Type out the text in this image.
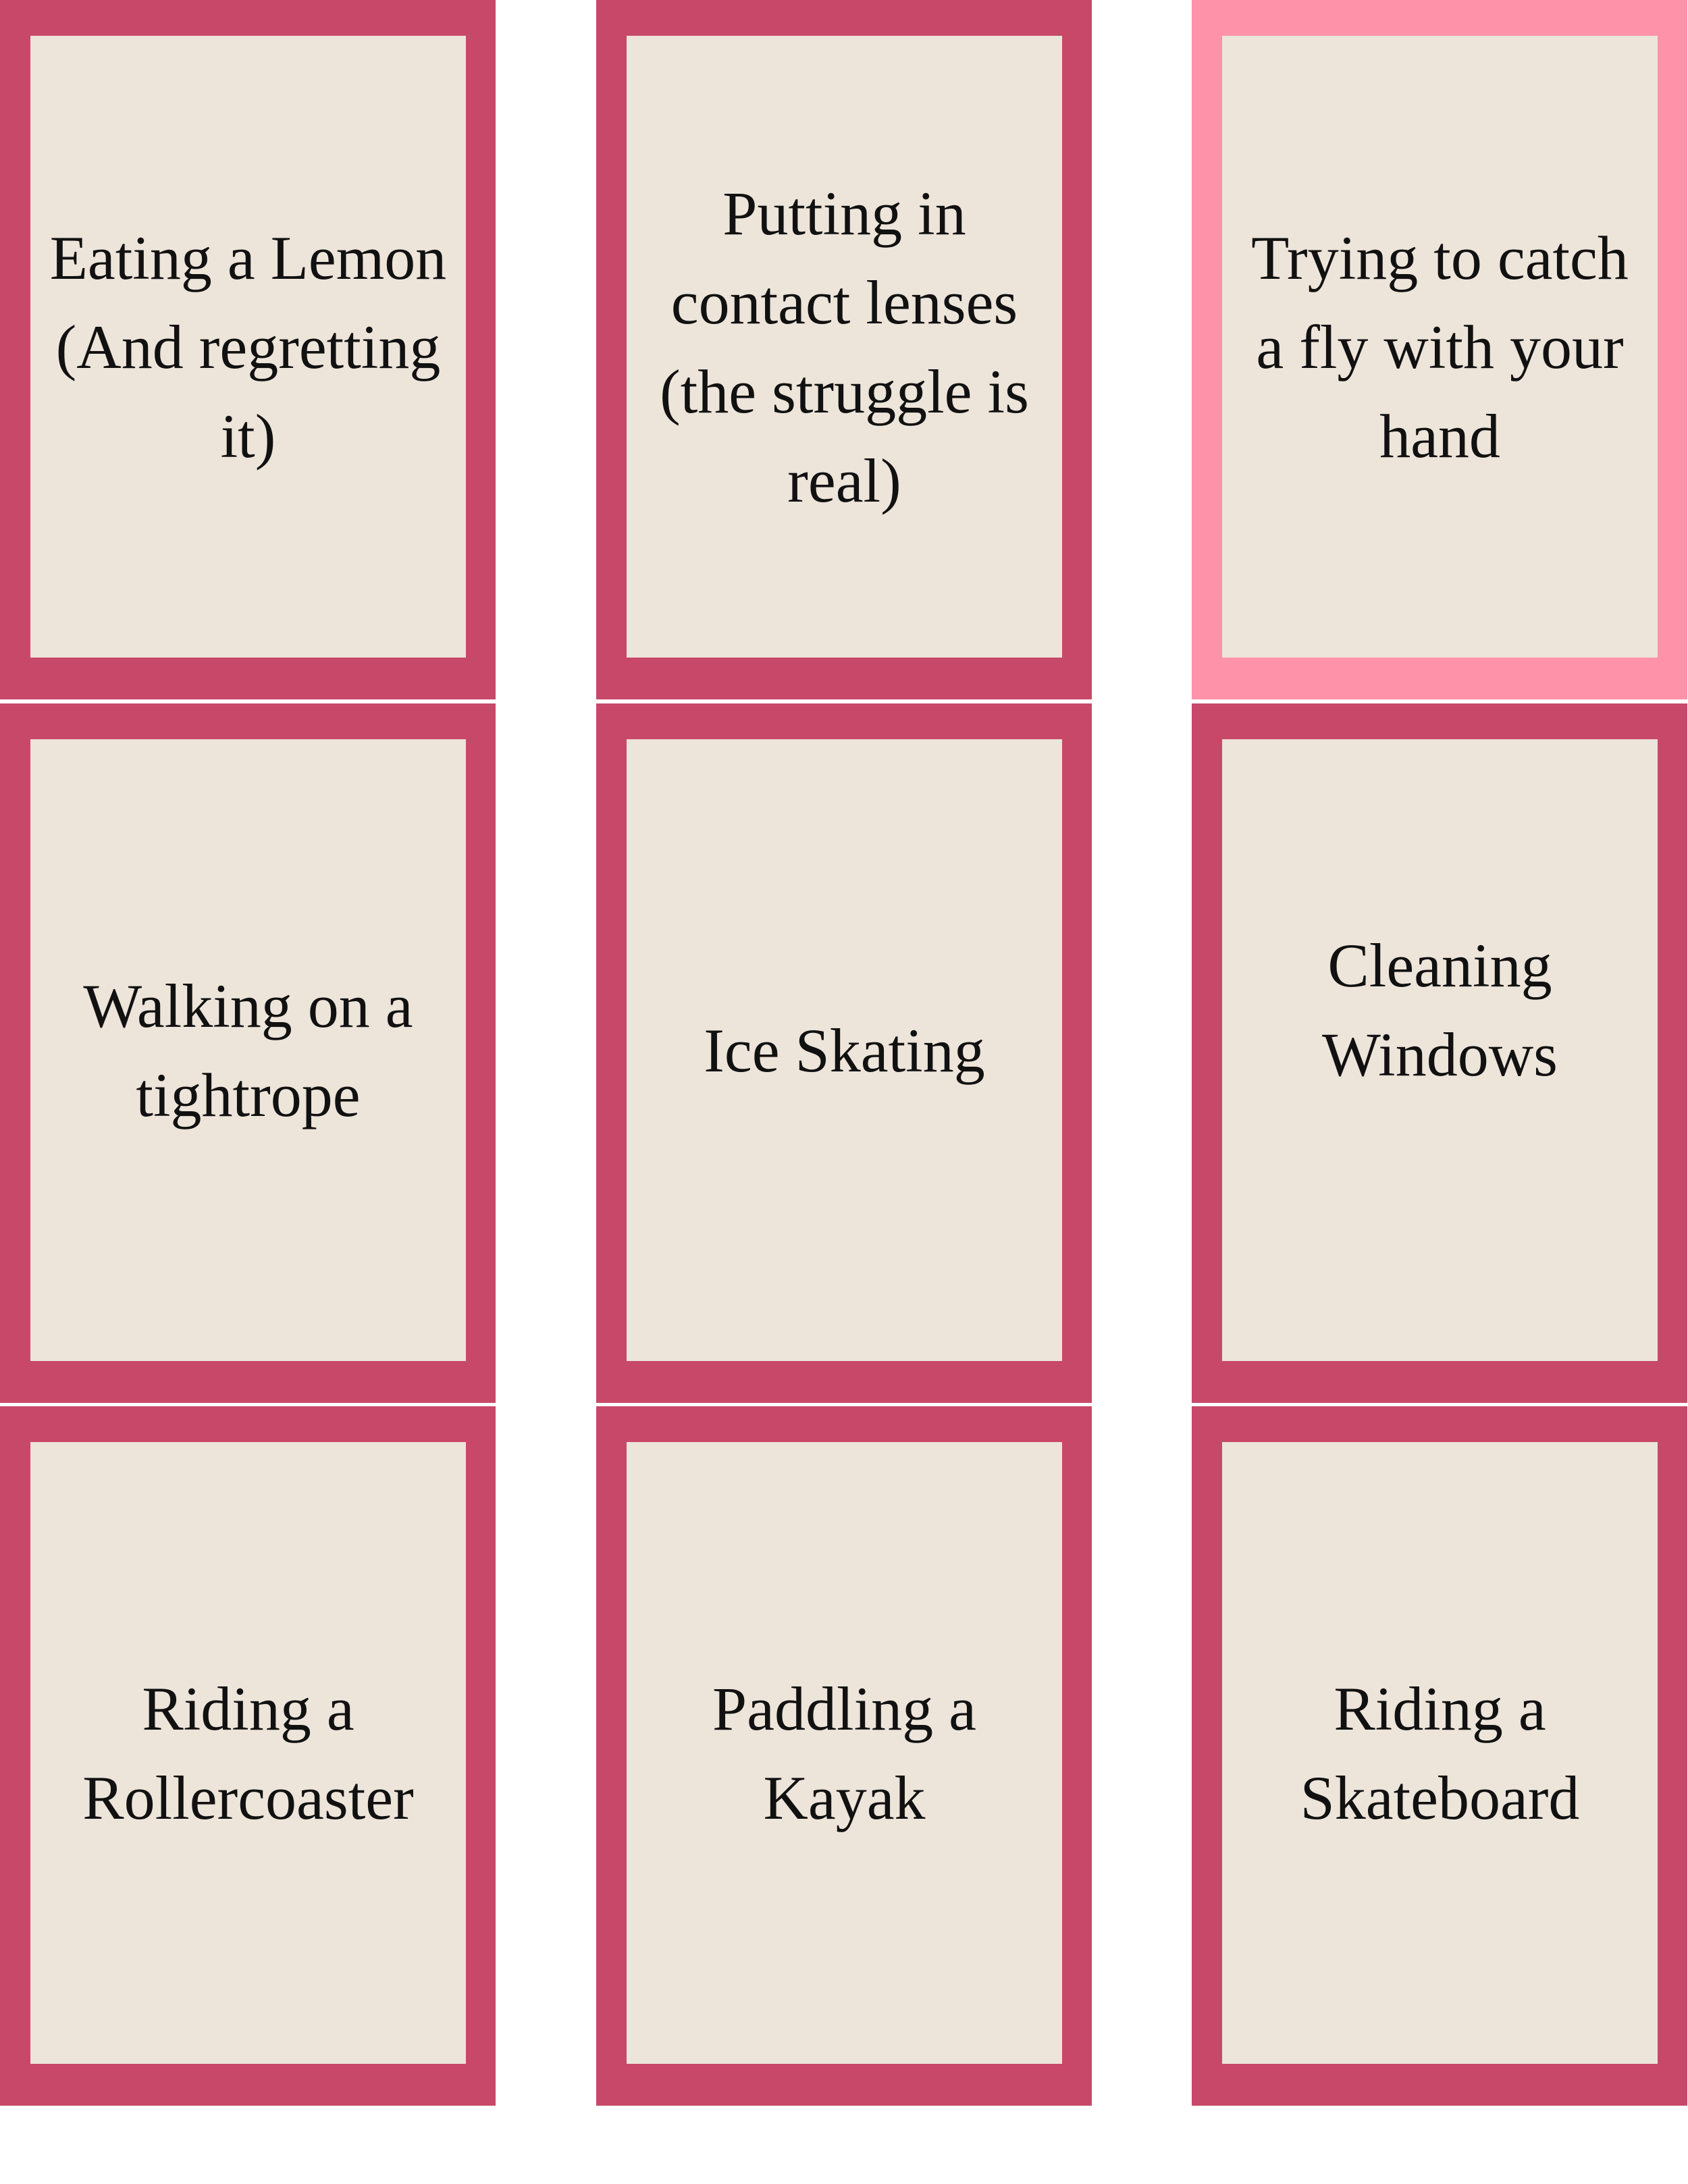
Eating a Lemon (And regretting it)
Putting in contact lenses (the struggle is real)
Trying to catch a fly with your hand
Walking on a tightrope
Ice Skating
Cleaning Windows
Riding a Rollercoaster
Paddling a Kayak
Riding a Skateboard
